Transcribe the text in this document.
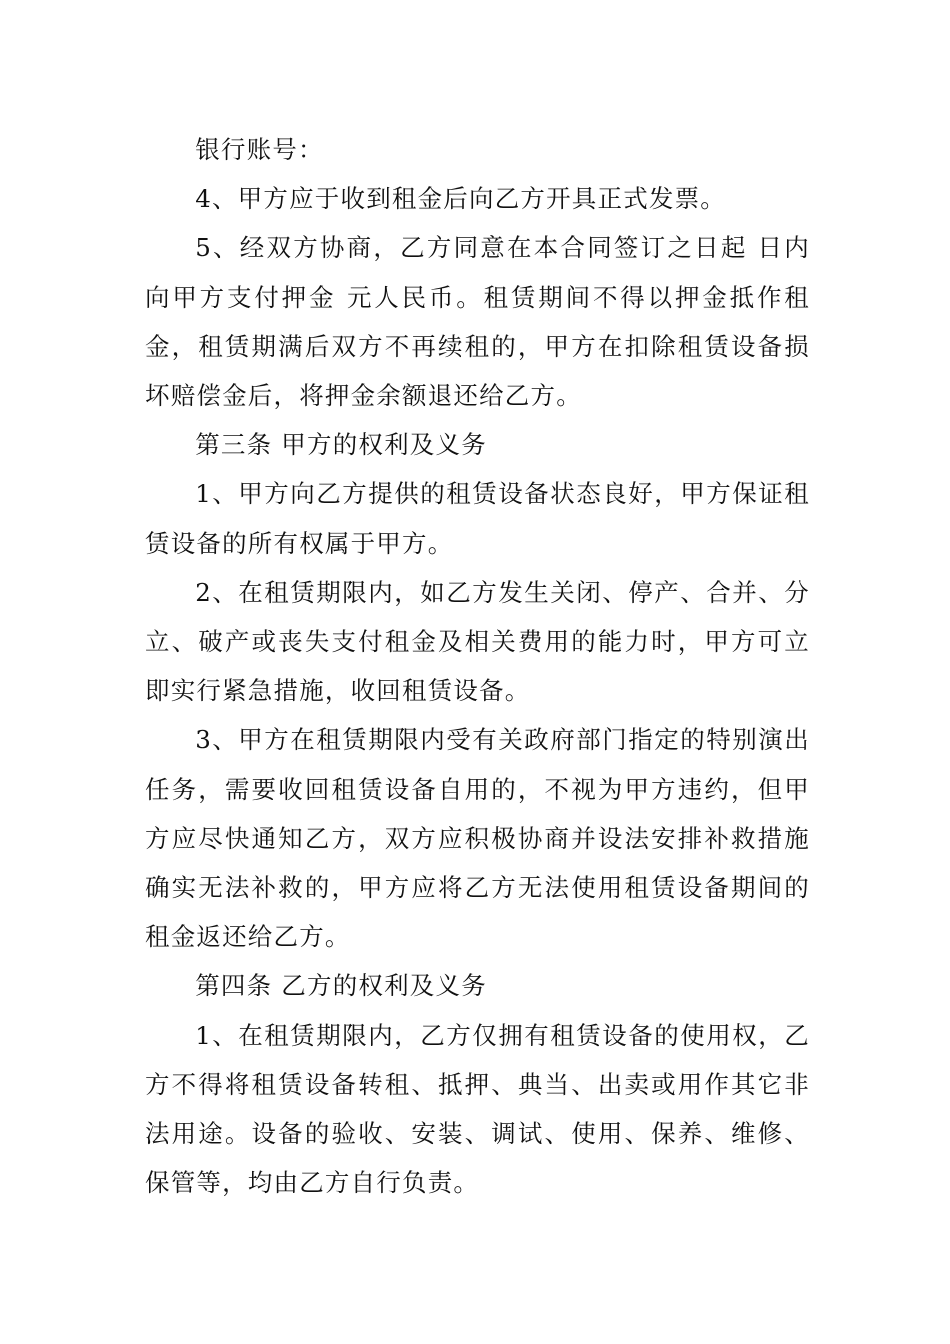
银行账号：

4、甲方应于收到租金后向乙方开具正式发票。

5、经双方协商，乙方同意在本合同签订之日起 日内向甲方支付押金 元人民币。租赁期间不得以押金抵作租金，租赁期满后双方不再续租的，甲方在扣除租赁设备损坏赔偿金后，将押金余额退还给乙方。

第三条 甲方的权利及义务

1、甲方向乙方提供的租赁设备状态良好，甲方保证租赁设备的所有权属于甲方。

2、在租赁期限内，如乙方发生关闭、停产、合并、分立、破产或丧失支付租金及相关费用的能力时，甲方可立即实行紧急措施，收回租赁设备。

3、甲方在租赁期限内受有关政府部门指定的特别演出任务，需要收回租赁设备自用的，不视为甲方违约，但甲方应尽快通知乙方，双方应积极协商并设法安排补救措施确实无法补救的，甲方应将乙方无法使用租赁设备期间的租金返还给乙方。

第四条 乙方的权利及义务

1、在租赁期限内，乙方仅拥有租赁设备的使用权，乙方不得将租赁设备转租、抵押、典当、出卖或用作其它非法用途。设备的验收、安装、调试、使用、保养、维修、保管等，均由乙方自行负责。
